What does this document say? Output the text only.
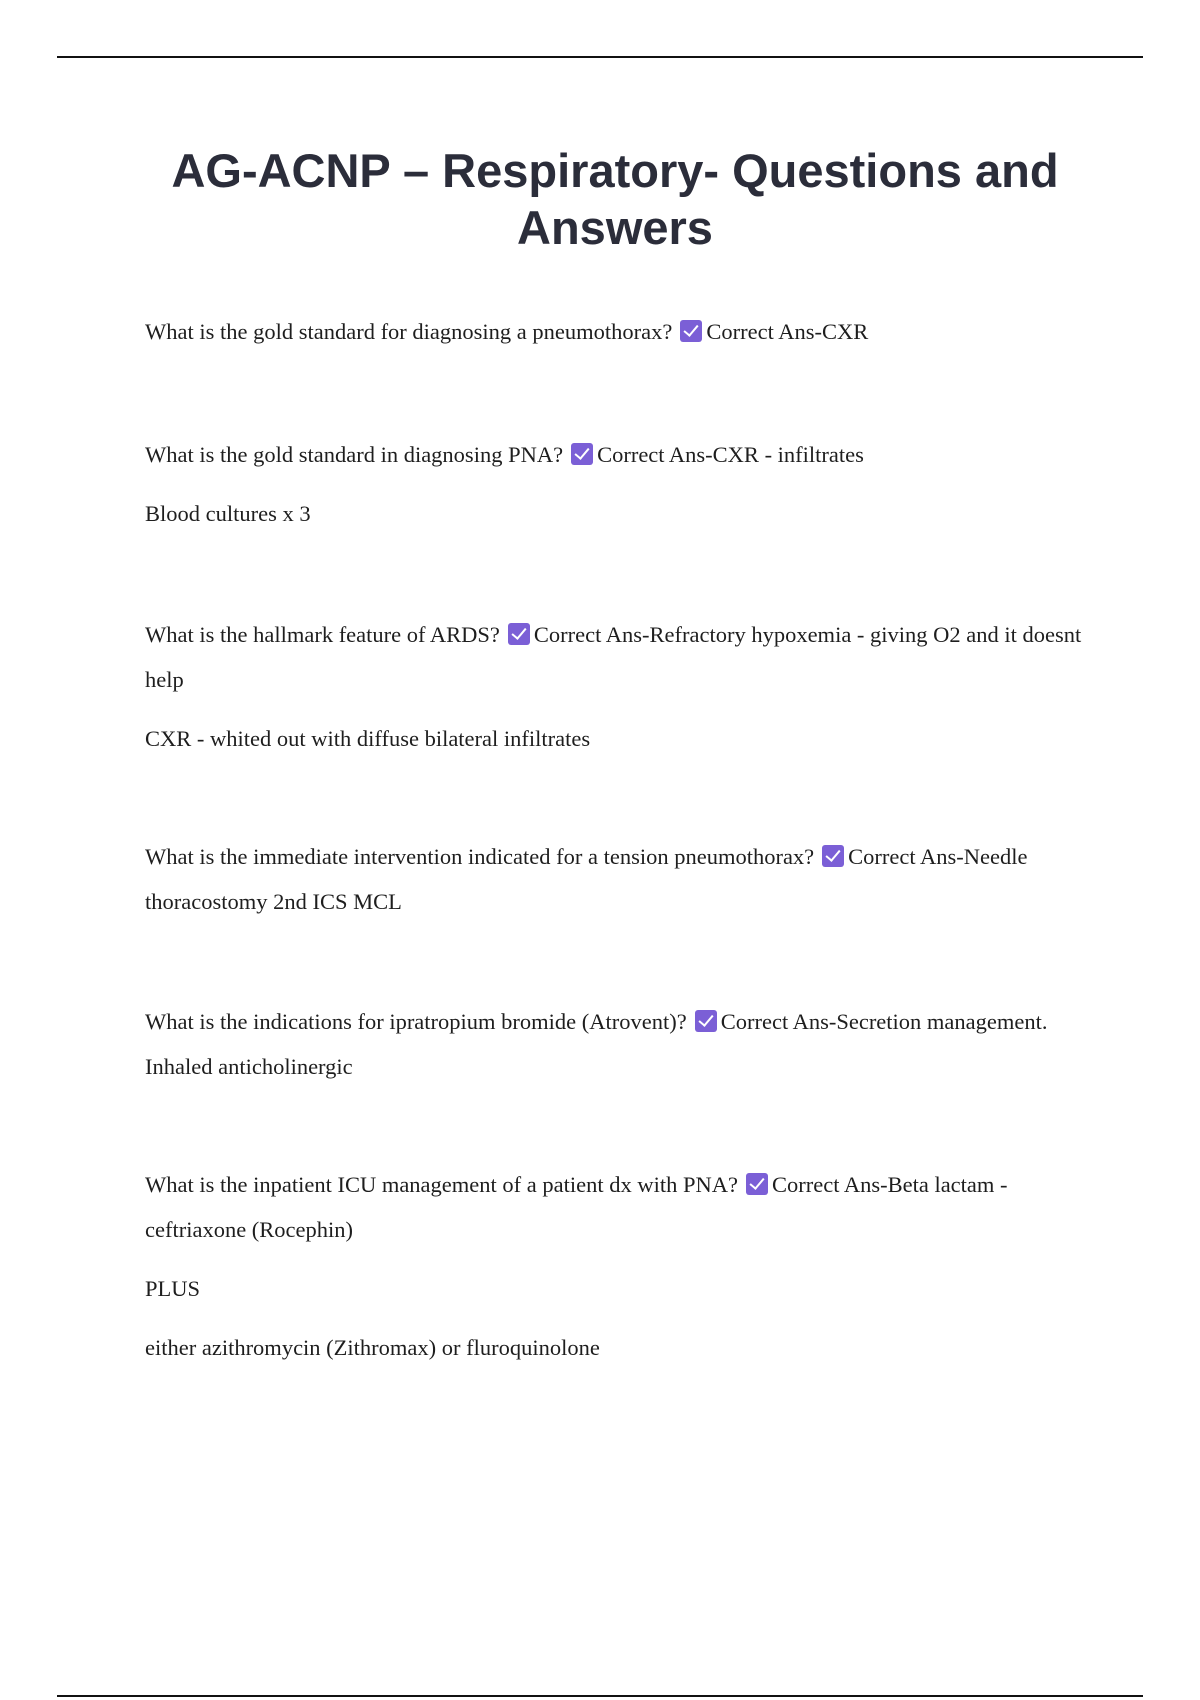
AG-ACNP – Respiratory- Questions and Answers

What is the gold standard for diagnosing a pneumothorax? Correct Ans-CXR

What is the gold standard in diagnosing PNA? Correct Ans-CXR - infiltrates

Blood cultures x 3

What is the hallmark feature of ARDS? Correct Ans-Refractory hypoxemia - giving O2 and it doesnt help

CXR - whited out with diffuse bilateral infiltrates

What is the immediate intervention indicated for a tension pneumothorax? Correct Ans-Needle thoracostomy 2nd ICS MCL

What is the indications for ipratropium bromide (Atrovent)? Correct Ans-Secretion management. Inhaled anticholinergic

What is the inpatient ICU management of a patient dx with PNA? Correct Ans-Beta lactam - ceftriaxone (Rocephin)

PLUS

either azithromycin (Zithromax) or fluroquinolone
